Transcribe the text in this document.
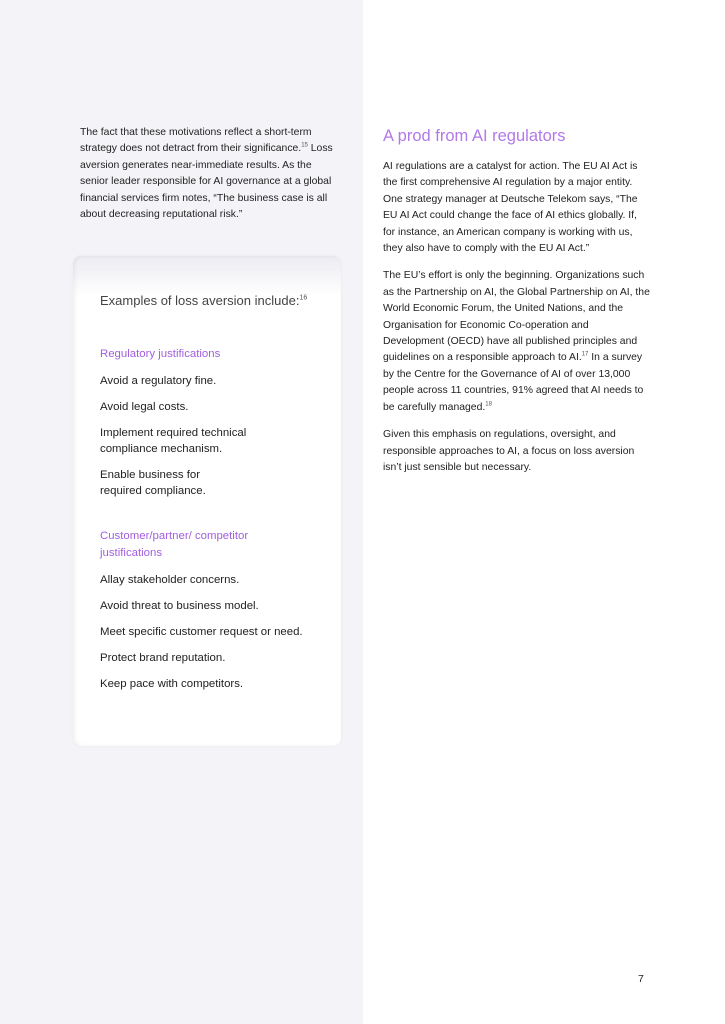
The fact that these motivations reflect a short-term strategy does not detract from their significance.$^{15}$ Loss aversion generates near-immediate results. As the senior leader responsible for AI governance at a global financial services firm notes, “The business case is all about decreasing reputational risk.”

Examples of loss aversion include:$^{16}$

Regulatory justifications

Avoid a regulatory fine.

Avoid legal costs.

Implement required technical compliance mechanism.

Enable business for required compliance.

Customer/partner/ competitor justifications

Allay stakeholder concerns.

Avoid threat to business model.

Meet specific customer request or need.

Protect brand reputation.

Keep pace with competitors.

A prod from AI regulators

AI regulations are a catalyst for action. The EU AI Act is the first comprehensive AI regulation by a major entity. One strategy manager at Deutsche Telekom says, “The EU AI Act could change the face of AI ethics globally. If, for instance, an American company is working with us, they also have to comply with the EU AI Act.”

The EU’s effort is only the beginning. Organizations such as the Partnership on AI, the Global Partnership on AI, the World Economic Forum, the United Nations, and the Organisation for Economic Co-operation and Development (OECD) have all published principles and guidelines on a responsible approach to AI.$^{17}$ In a survey by the Centre for the Governance of AI of over 13,000 people across 11 countries, 91% agreed that AI needs to be carefully managed.$^{18}$

Given this emphasis on regulations, oversight, and responsible approaches to AI, a focus on loss aversion isn’t just sensible but necessary.

7
